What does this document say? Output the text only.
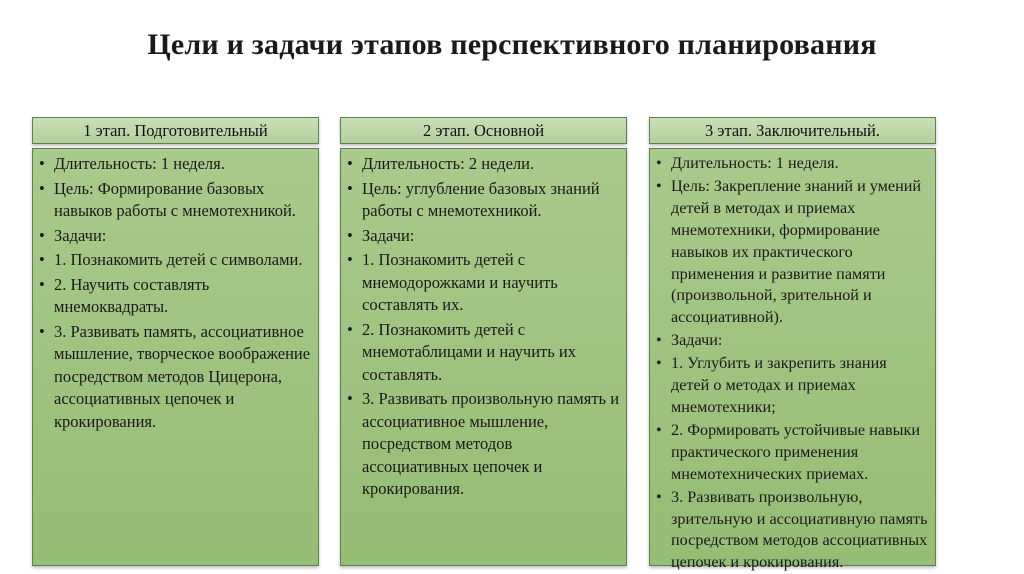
Цели и задачи этапов перспективного планирования
1 этап. Подготовительный
• Длительность: 1 неделя.
• Цель: Формирование базовых навыков работы с мнемотехникой.
• Задачи:
• 1. Познакомить детей с символами.
• 2. Научить составлять мнемоквадраты.
• 3. Развивать память, ассоциативное мышление, творческое воображение посредством методов Цицерона, ассоциативных цепочек и крокирования.
2 этап. Основной
• Длительность: 2 недели.
• Цель: углубление базовых знаний работы с мнемотехникой.
• Задачи:
• 1. Познакомить детей с мнемодорожками и научить составлять их.
• 2. Познакомить детей с мнемотаблицами и научить их составлять.
• 3. Развивать произвольную память и ассоциативное мышление, посредством методов ассоциативных цепочек и крокирования.
3 этап. Заключительный.
• Длительность: 1 неделя.
• Цель: Закрепление знаний и умений детей в методах и приемах мнемотехники, формирование навыков их практического применения и развитие памяти (произвольной, зрительной и ассоциативной).
• Задачи:
• 1. Углубить и закрепить знания детей о методах и приемах мнемотехники;
• 2. Формировать устойчивые навыки практического применения мнемотехнических приемах.
• 3. Развивать произвольную, зрительную и ассоциативную память посредством методов ассоциативных цепочек и крокирования.
